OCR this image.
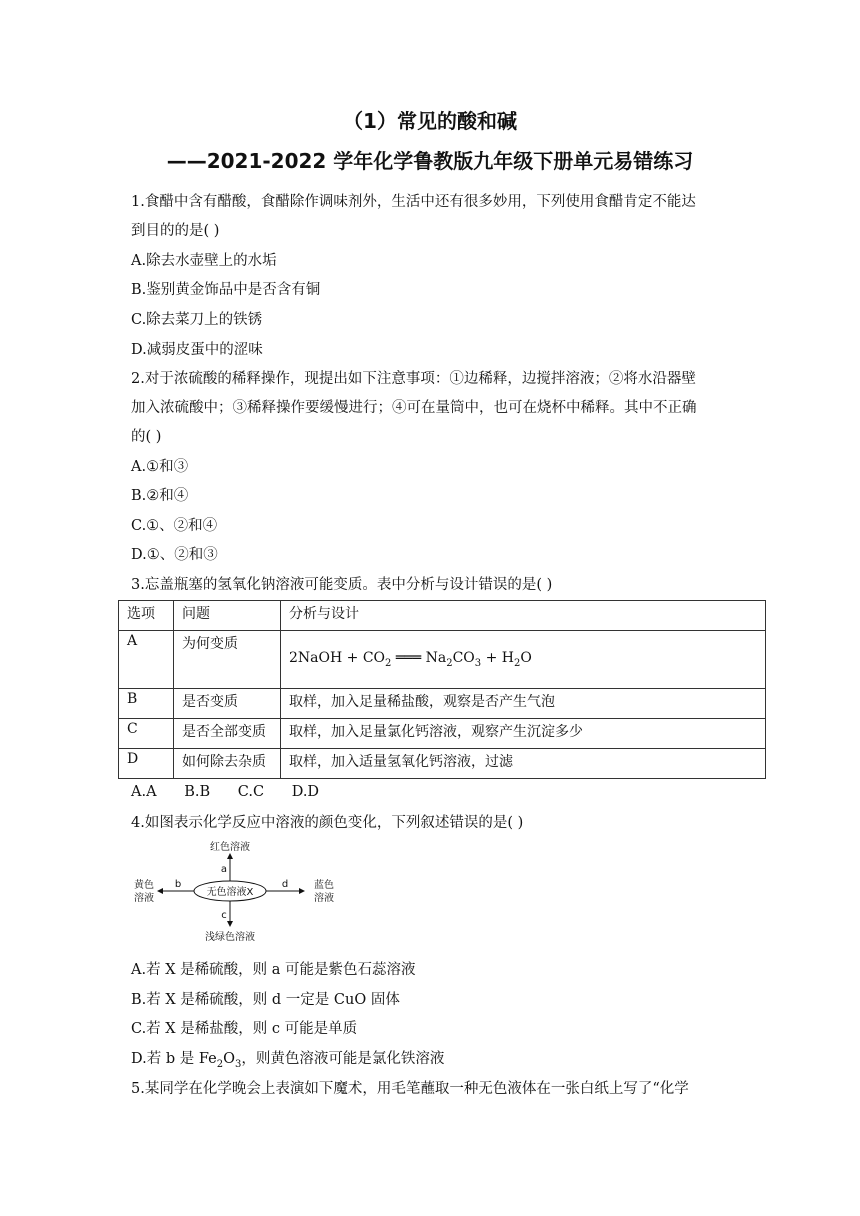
（1）常见的酸和碱
——2021-2022 学年化学鲁教版九年级下册单元易错练习
1.食醋中含有醋酸，食醋除作调味剂外，生活中还有很多妙用，下列使用食醋肯定不能达
到目的的是( )
A.除去水壶壁上的水垢
B.鉴别黄金饰品中是否含有铜
C.除去菜刀上的铁锈
D.减弱皮蛋中的涩味
2.对于浓硫酸的稀释操作，现提出如下注意事项：①边稀释，边搅拌溶液；②将水沿器壁
加入浓硫酸中；③稀释操作要缓慢进行；④可在量筒中，也可在烧杯中稀释。其中不正确
的( )
A.①和③
B.②和④
C.①、②和④
D.①、②和③
3.忘盖瓶塞的氢氧化钠溶液可能变质。表中分析与设计错误的是( )
选项	问题	分析与设计
A	为何变质	2NaOH + $CO_2$ ═══ $Na_2CO_3 + H_2O$
B	是否变质	取样，加入足量稀盐酸，观察是否产生气泡
C	是否全部变质	取样，加入足量氯化钙溶液，观察产生沉淀多少
D	如何除去杂质	取样，加入适量氢氧化钙溶液，过滤
A.A      B.B      C.C      D.D
4.如图表示化学反应中溶液的颜色变化，下列叙述错误的是( )
无色溶液X
红色溶液
a
b
黄色
溶液
d	蓝色
溶液
c
浅绿色溶液
A.若 X 是稀硫酸，则 a 可能是紫色石蕊溶液
B.若 X 是稀硫酸，则 d 一定是 CuO 固体
C.若 X 是稀盐酸，则 c 可能是单质
D.若 b 是 $Fe_2O_3$，则黄色溶液可能是氯化铁溶液
5.某同学在化学晚会上表演如下魔术，用毛笔蘸取一种无色液体在一张白纸上写了“化学
